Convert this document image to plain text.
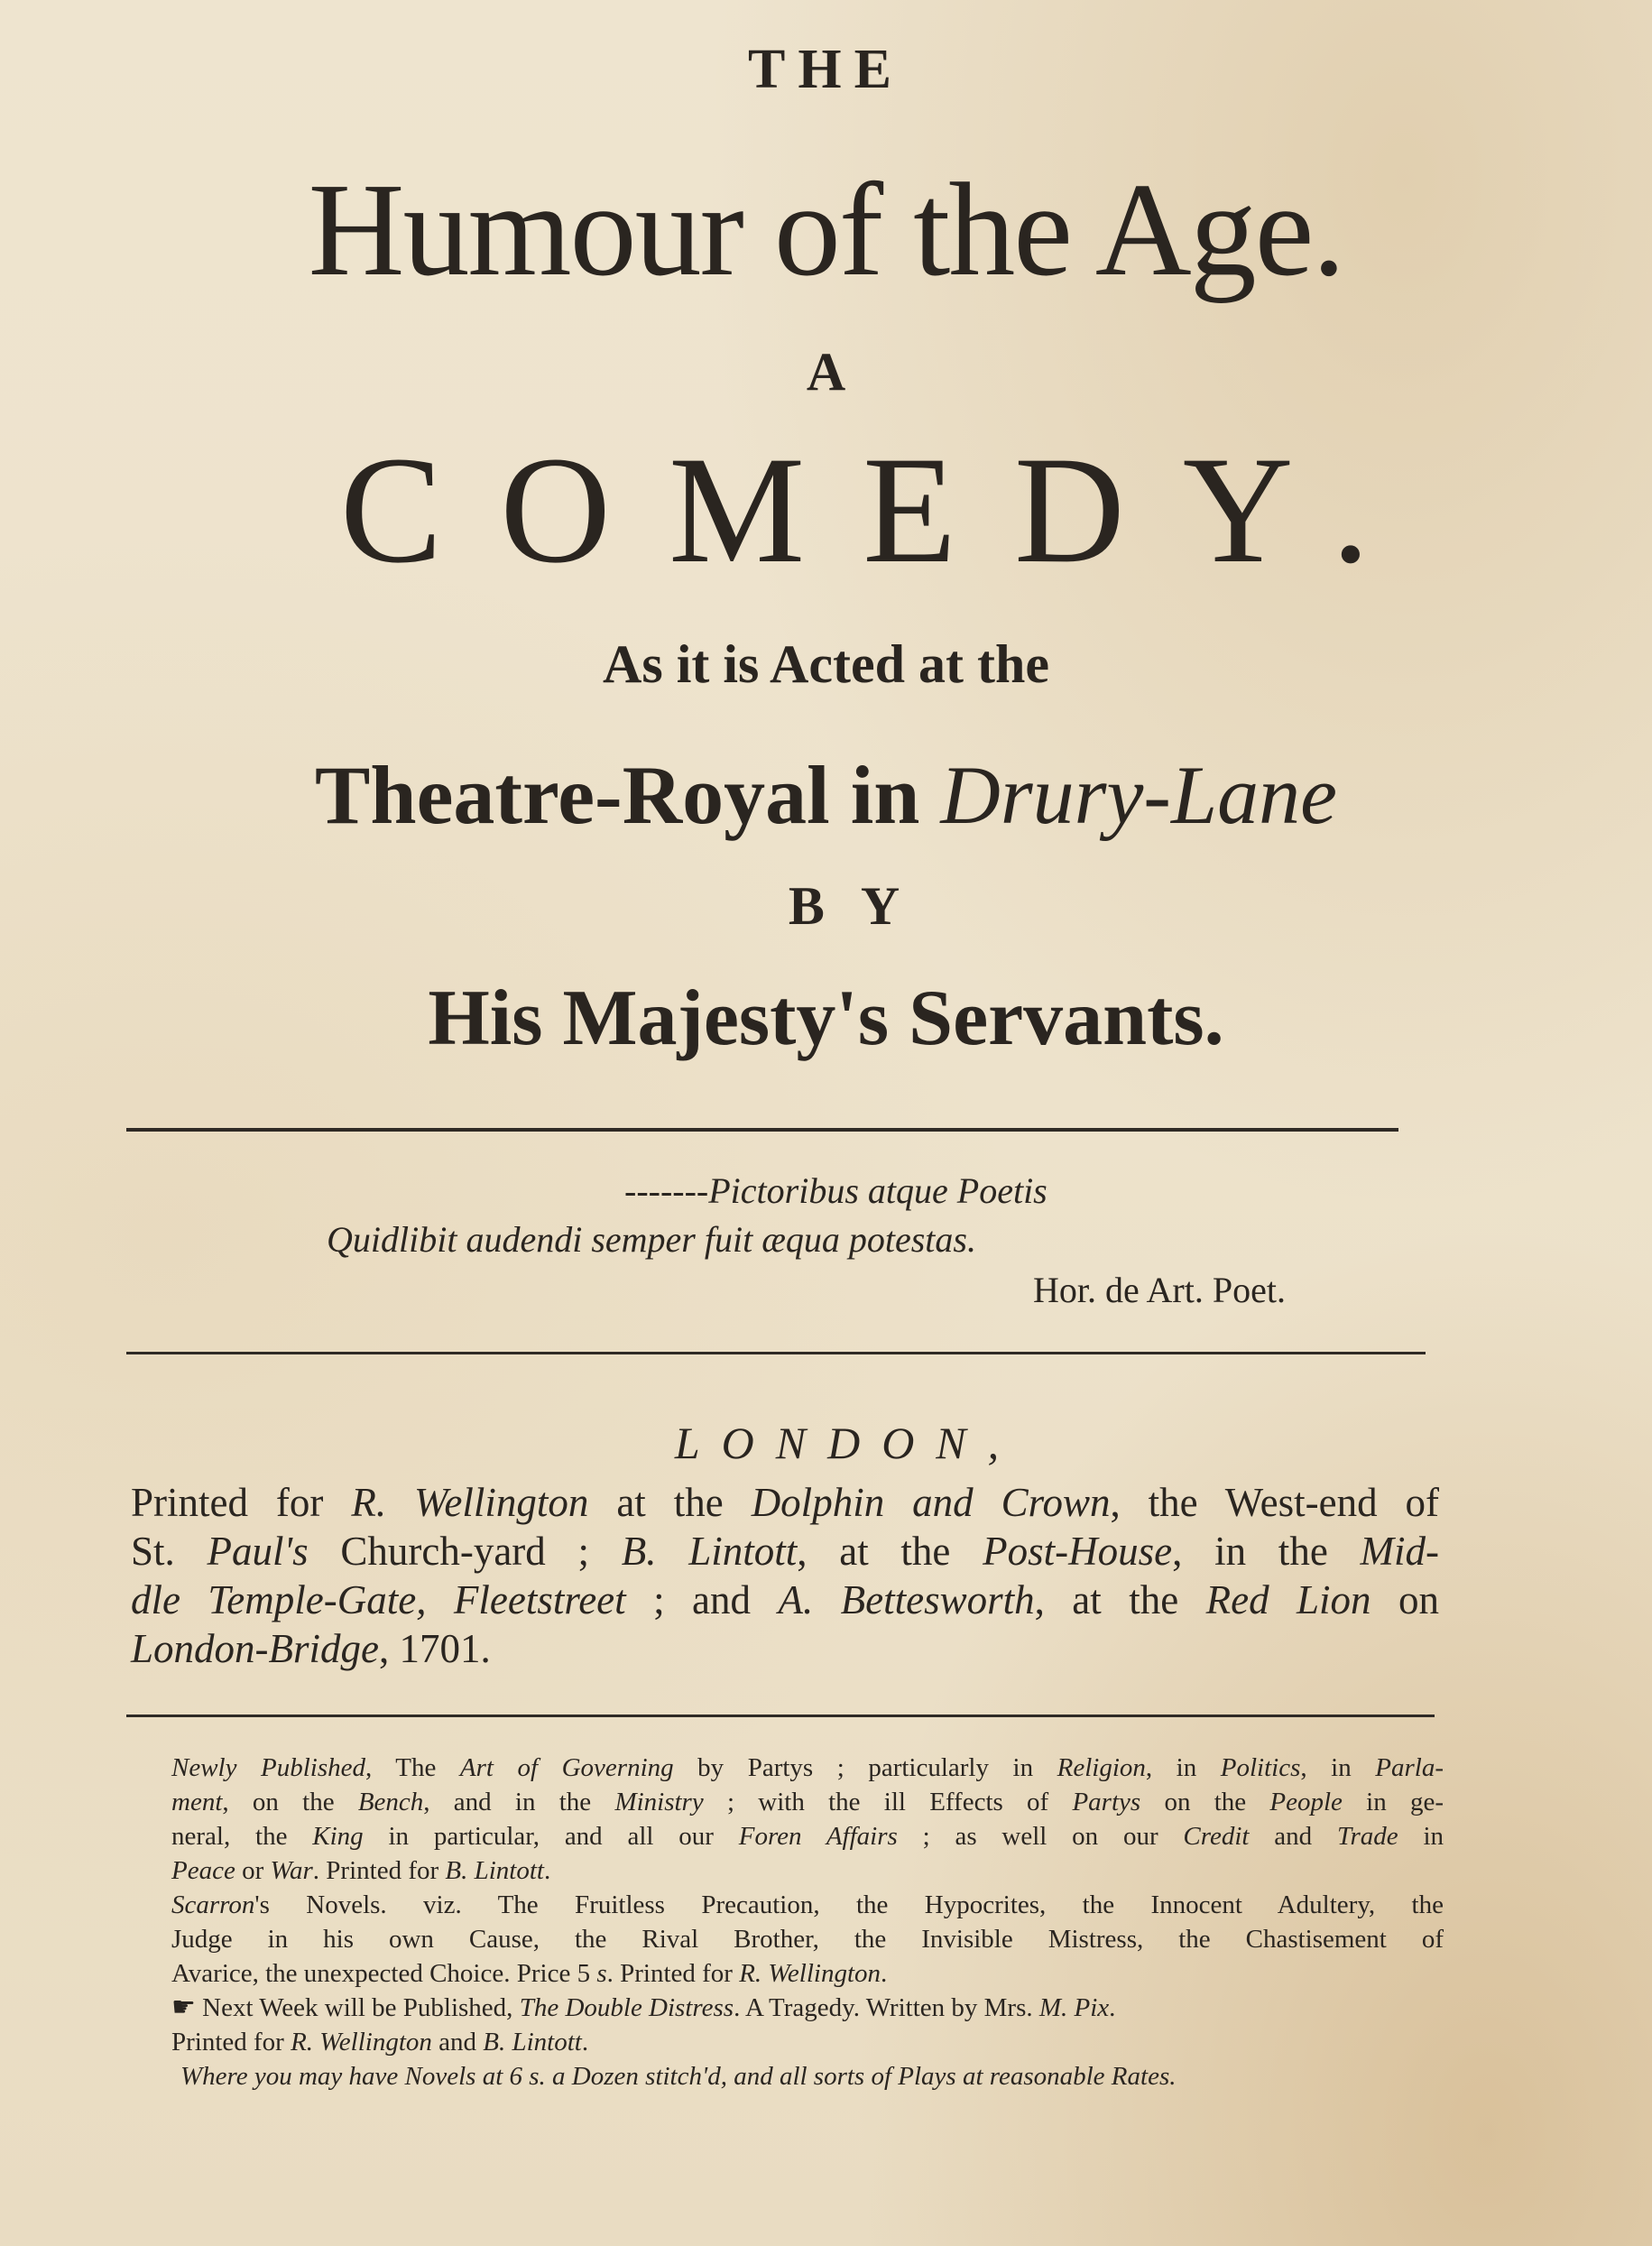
THE
Humour of the Age.
A
COMEDY.
As it is Acted at the
Theatre-Royal in Drury-Lane
BY
His Majesty's Servants.
-------Pictoribus atque Poetis
Quidlibit audendi semper fuit æqua potestas.
Hor. de Art. Poet.
LONDON,
Printed for R. Wellington at the Dolphin and Crown, the West-end of
St. Paul's Church-yard ; B. Lintott, at the Post-House, in the Mid-
dle Temple-Gate, Fleetstreet ; and A. Bettesworth, at the Red Lion on
London-Bridge, 1701.
Newly Published, The Art of Governing by Partys ; particularly in Religion, in Politics, in Parla-
ment, on the Bench, and in the Ministry ; with the ill Effects of Partys on the People in ge-
neral, the King in particular, and all our Foren Affairs ; as well on our Credit and Trade in
Peace or War. Printed for B. Lintott.
Scarron's Novels. viz. The Fruitless Precaution, the Hypocrites, the Innocent Adultery, the
Judge in his own Cause, the Rival Brother, the Invisible Mistress, the Chastisement of
Avarice, the unexpected Choice. Price 5 s. Printed for R. Wellington.
☛ Next Week will be Published, The Double Distress. A Tragedy. Written by Mrs. M. Pix.
Printed for R. Wellington and B. Lintott.
Where you may have Novels at 6 s. a Dozen stitch'd, and all sorts of Plays at reasonable Rates.
